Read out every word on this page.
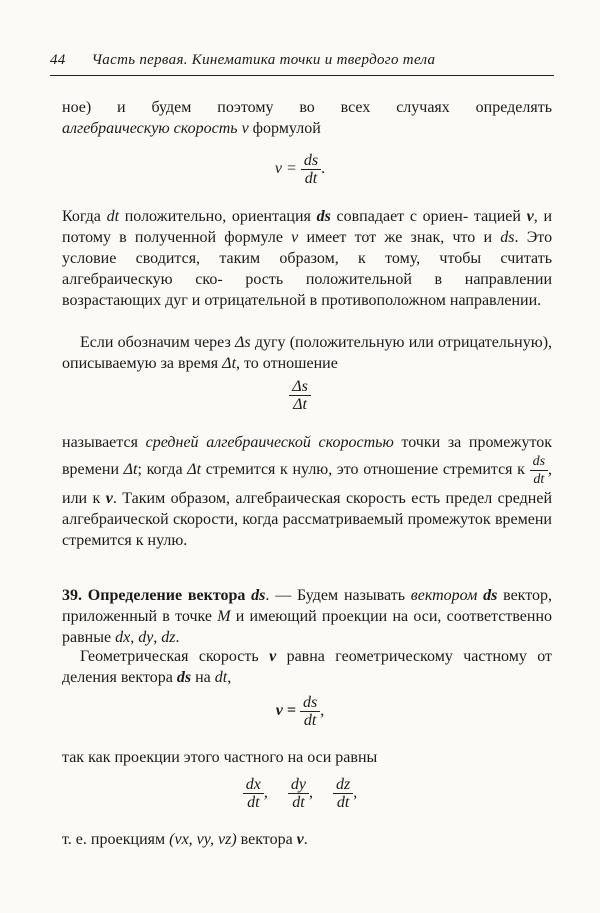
44 Часть первая. Кинематика точки и твердого тела
ное) и будем поэтому во всех случаях определять
алгебраическую скорость v формулой
$v = \frac{ds}{dt}$ .
Когда dt положительно, ориентация ds совпадает с ориен- тацией v, и потому в полученной формуле v имеет тот же знак, что и ds. Это условие сводится, таким образом, к тому, чтобы считать алгебраическую ско- рость положительной в направлении возрастающих дуг и отрицательной в противоположном направлении.
Если обозначим через Δs дугу (положительную или отрицательную), описываемую за время Δt, то отношение
$\frac{\Delta s}{\Delta t}$
называется средней алгебраической скоростью точки за промежуток времени Δt; когда Δt стремится к нулю, это отношение стремится к $\frac{ds}{dt}$ , или к v. Таким образом, алгебраическая скорость есть предел средней алгебраической скорости, когда рассматриваемый промежуток времени стремится к нулю.
39. Определение вектора ds. — Будем называть вектором ds вектор, приложенный в точке M и имеющий проекции на оси, соответственно равные dx, dy, dz.
Геометрическая скорость v равна геометрическому частному от деления вектора ds на dt,
$v = \frac{ds}{dt}$ ,
так как проекции этого частного на оси равны
$\frac{dx}{dt}$ , $\frac{dy}{dt}$ , $\frac{dz}{dt}$ ,
т. е. проекциям (vx, vy, vz) вектора v.
